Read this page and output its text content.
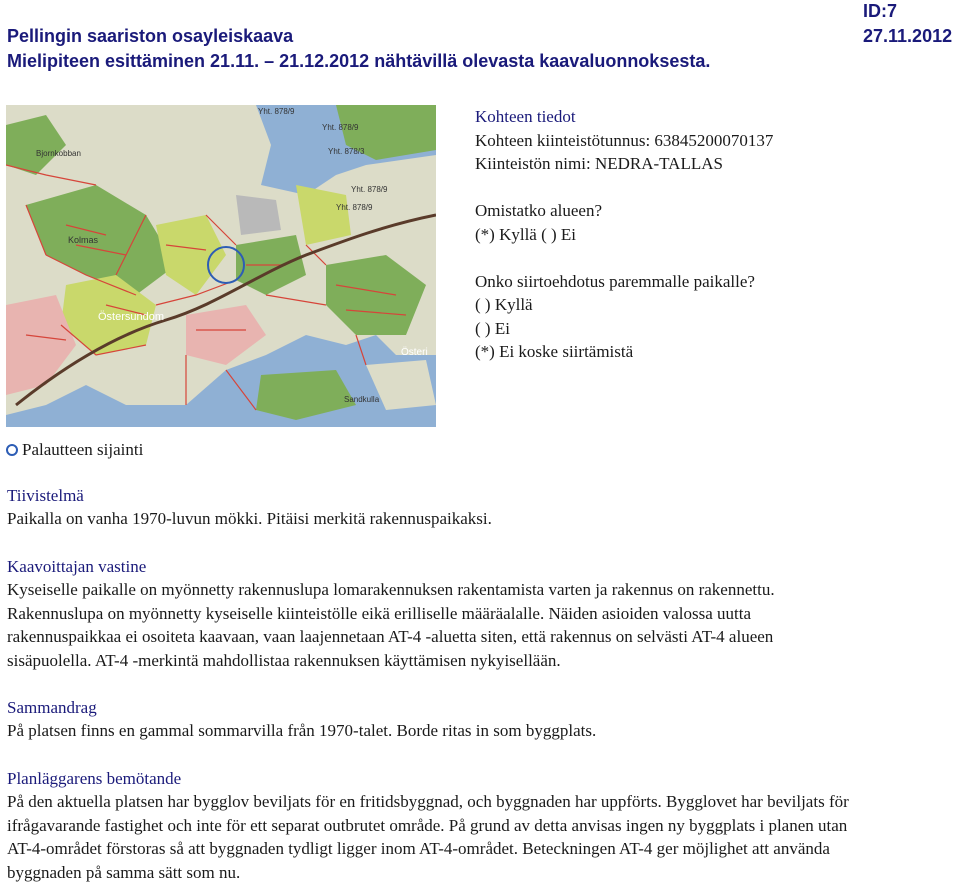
Pellingin saariston osayleiskaava
Mielipiteen esittäminen 21.11. – 21.12.2012 nähtävillä olevasta kaavaluonnoksesta.
ID:7
27.11.2012
Yht. 878/9
Yht. 878/9
Yht. 878/3
Yht. 878/9
Yht. 878/9
Bjornkobban
Kolmas
Östersundom
Österi
Sandkulla
Kohteen tiedot
Kohteen kiinteistötunnus: 63845200070137
Kiinteistön nimi: NEDRA-TALLAS
Omistatko alueen?
(*) Kyllä ( ) Ei
Onko siirtoehdotus paremmalle paikalle?
( ) Kyllä
( ) Ei
(*) Ei koske siirtämistä
Palautteen sijainti
Tiivistelmä
Paikalla on vanha 1970-luvun mökki. Pitäisi merkitä rakennuspaikaksi.
Kaavoittajan vastine
Kyseiselle paikalle on myönnetty rakennuslupa lomarakennuksen rakentamista varten ja rakennus on rakennettu.
Rakennuslupa on myönnetty kyseiselle kiinteistölle eikä erilliselle määräalalle. Näiden asioiden valossa uutta
rakennuspaikkaa ei osoiteta kaavaan, vaan laajennetaan AT-4 -aluetta siten, että rakennus on selvästi AT-4 alueen
sisäpuolella. AT-4 -merkintä mahdollistaa rakennuksen käyttämisen nykyisellään.
Sammandrag
På platsen finns en gammal sommarvilla från 1970-talet. Borde ritas in som byggplats.
Planläggarens bemötande
På den aktuella platsen har bygglov beviljats för en fritidsbyggnad, och byggnaden har uppförts. Bygglovet har beviljats för
ifrågavarande fastighet och inte för ett separat outbrutet område. På grund av detta anvisas ingen ny byggplats i planen utan
AT-4-området förstoras så att byggnaden tydligt ligger inom AT-4-området. Beteckningen AT-4 ger möjlighet att använda
byggnaden på samma sätt som nu.
